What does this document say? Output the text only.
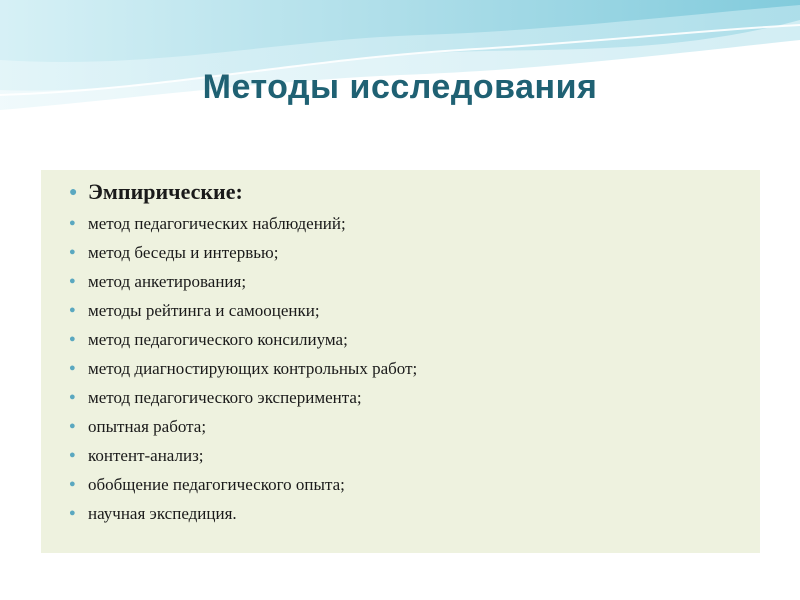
Методы исследования
● Эмпирические:
● метод педагогических наблюдений;
● метод беседы и интервью;
● метод анкетирования;
● методы рейтинга и самооценки;
● метод педагогического консилиума;
● метод диагностирующих контрольных работ;
● метод педагогического эксперимента;
● опытная работа;
● контент-анализ;
● обобщение педагогического опыта;
● научная экспедиция.
